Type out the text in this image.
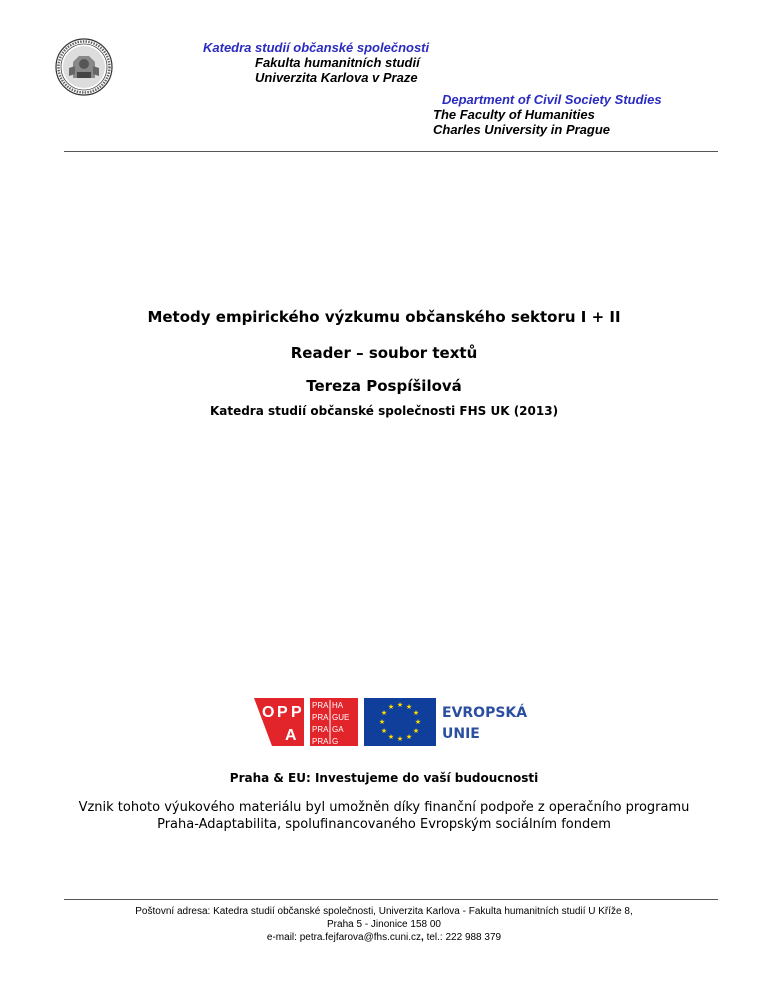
Katedra studií občanské společnosti
Fakulta humanitních studií
Univerzita Karlova v Praze
Department of Civil Society Studies
The Faculty of Humanities
Charles University in Prague
Metody empirického výzkumu občanského sektoru I + II
Reader – soubor textů
Tereza Pospíšilová
Katedra studií občanské společnosti FHS UK (2013)
O P P
A
PRA HA
PRA GUE
PRA GA
PRA G
★ ★
★
★
★
★
★
★
★
★
★
★	EVROPSKÁ
UNIE
Praha & EU: Investujeme do vaší budoucnosti
Vznik tohoto výukového materiálu byl umožněn díky finanční podpoře z operačního programu
Praha-Adaptabilita, spolufinancovaného Evropským sociálním fondem
Poštovní adresa: Katedra studií občanské společnosti, Univerzita Karlova - Fakulta humanitních studií U Kříže 8,
Praha 5 - Jinonice 158 00
e-mail: petra.fejfarova@fhs.cuni.cz, tel.: 222 988 379
